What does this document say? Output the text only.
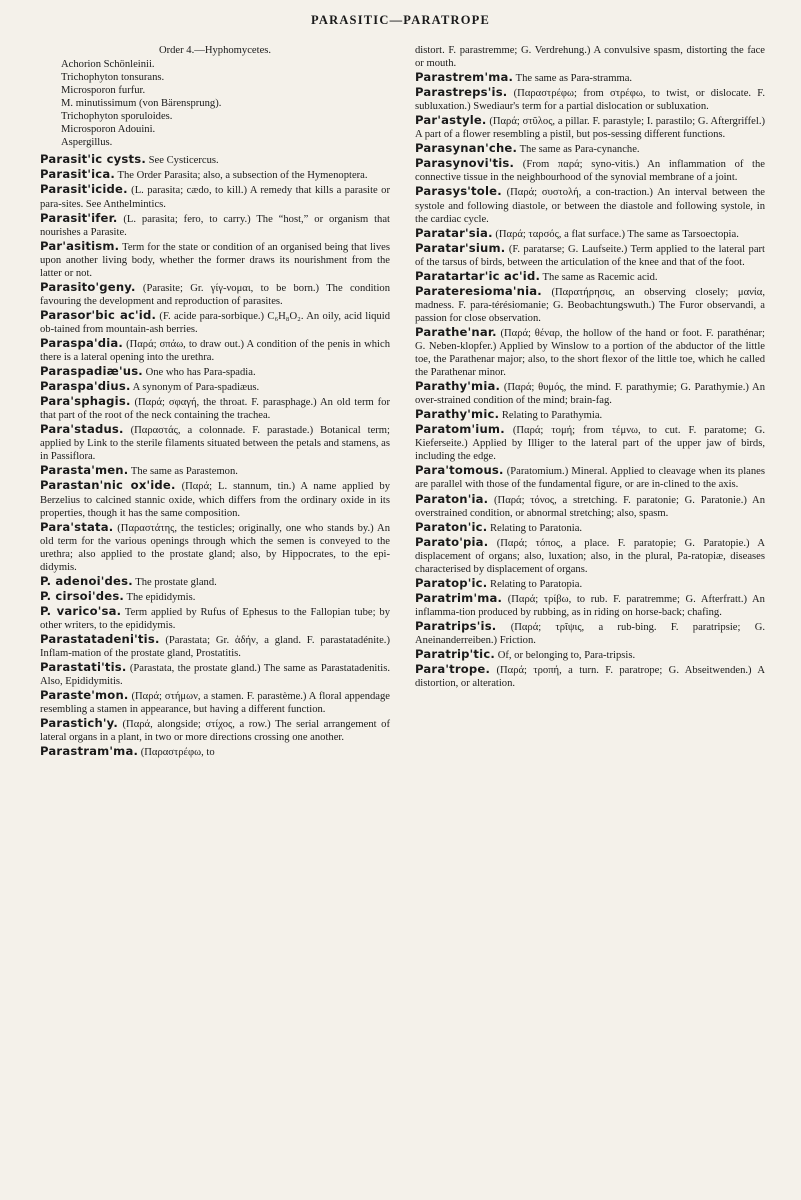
PARASITIC—PARATROPE
Order 4.—Hyphomycetes.
Achorion Schönleinii.
Trichophyton tonsurans.
Microsporon furfur.
M. minutissimum (von Bärensprung).
Trichophyton sporuloides.
Microsporon Adouini.
Aspergillus.

Parasit'ic cysts. See Cysticercus.

Parasit'ica. The Order Parasita; also, a subsection of the Hymenoptera.

Parasit'icide. (L. parasita; cædo, to kill.) A remedy that kills a parasite or para-sites. See Anthelmintics.

Parasit'ifer. (L. parasita; fero, to carry.) The “host,” or organism that nourishes a Parasite.

Par'asitism. Term for the state or condition of an organised being that lives upon another living body, whether the former draws its nourishment from the latter or not.

Parasito'geny. (Parasite; Gr. γίγ-νομαι, to be born.) The condition favouring the development and reproduction of parasites.

Parasor'bic ac'id. (F. acide para-sorbique.) C₆H₈O₂. An oily, acid liquid ob-tained from mountain-ash berries.

Paraspa'dia. (Παρά; σπάω, to draw out.) A condition of the penis in which there is a lateral opening into the urethra.

Paraspadiæ'us. One who has Para-spadia.

Paraspa'dius. A synonym of Para-spadiæus.

Para'sphagis. (Παρά; σφαγή, the throat. F. parasphage.) An old term for that part of the root of the neck containing the trachea.

Para'stadus. (Παραστάς, a colonnade. F. parastade.) Botanical term; applied by Link to the sterile filaments situated between the petals and stamens, as in Passiflora.

Parasta'men. The same as Parastemon.

Parastan'nic ox'ide. (Παρά; L. stannum, tin.) A name applied by Berzelius to calcined stannic oxide, which differs from the ordinary oxide in its properties, though it has the same composition.

Para'stata. (Παραστάτης, the testicles; originally, one who stands by.) An old term for the various openings through which the semen is conveyed to the urethra; also applied to the prostate gland; also, by Hippocrates, to the epi-didymis.

P. adenoi'des. The prostate gland.

P. cirsoi'des. The epididymis.

P. varico'sa. Term applied by Rufus of Ephesus to the Fallopian tube; by other writers, to the epididymis.

Parastatadeni'tis. (Parastata; Gr. ἀδήν, a gland. F. parastatadénite.) Inflam-mation of the prostate gland, Prostatitis.

Parastati'tis. (Parastata, the prostate gland.) The same as Parastatadenitis. Also, Epididymitis.

Paraste'mon. (Παρά; στήμων, a stamen. F. parastème.) A floral appendage resembling a stamen in appearance, but having a different function.

Parastich'y. (Παρά, alongside; στίχος, a row.) The serial arrangement of lateral organs in a plant, in two or more directions crossing one another.

Parastram'ma. (Παραστρέφω, to

distort. F. parastremme; G. Verdrehung.) A convulsive spasm, distorting the face or mouth.

Parastrem'ma. The same as Para-stramma.

Parastreps'is. (Παραστρέφω; from στρέφω, to twist, or dislocate. F. subluxation.) Swediaur's term for a partial dislocation or subluxation.

Par'astyle. (Παρά; στῦλος, a pillar. F. parastyle; I. parastilo; G. Aftergriffel.) A part of a flower resembling a pistil, but pos-sessing different functions.

Parasynan'che. The same as Para-cynanche.

Parasynovi'tis. (From παρά; syno-vitis.) An inflammation of the connective tissue in the neighbourhood of the synovial membrane of a joint.

Parasys'tole. (Παρά; συστολή, a con-traction.) An interval between the systole and following diastole, or between the diastole and following systole, in the cardiac cycle.

Paratar'sia. (Παρά; ταρσός, a flat surface.) The same as Tarsoectopia.

Paratar'sium. (F. paratarse; G. Laufseite.) Term applied to the lateral part of the tarsus of birds, between the articulation of the knee and that of the foot.

Paratartar'ic ac'id. The same as Racemic acid.

Parateresioma'nia. (Παρατήρησις, an observing closely; μανία, madness. F. para-térésiomanie; G. Beobachtungswuth.) The Furor observandi, a passion for close observation.

Parathe'nar. (Παρά; θέναρ, the hollow of the hand or foot. F. parathénar; G. Neben-klopfer.) Applied by Winslow to a portion of the abductor of the little toe, the Parathenar major; also, to the short flexor of the little toe, which he called the Parathenar minor.

Parathy'mia. (Παρά; θυμός, the mind. F. parathymie; G. Parathymie.) An over-strained condition of the mind; brain-fag.

Parathy'mic. Relating to Parathymia.

Paratom'ium. (Παρά; τομή; from τέμνω, to cut. F. paratome; G. Kieferseite.) Applied by Illiger to the lateral part of the upper jaw of birds, including the edge.

Para'tomous. (Paratomium.) Mineral. Applied to cleavage when its planes are parallel with those of the fundamental figure, or are in-clined to the axis.

Paraton'ia. (Παρά; τόνος, a stretching. F. paratonie; G. Paratonie.) An overstrained condition, or abnormal stretching; also, spasm.

Paraton'ic. Relating to Paratonia.

Parato'pia. (Παρά; τόπος, a place. F. paratopie; G. Paratopie.) A displacement of organs; also, luxation; also, in the plural, Pa-ratopiæ, diseases characterised by displacement of organs.

Paratop'ic. Relating to Paratopia.

Paratrim'ma. (Παρά; τρίβω, to rub. F. paratremme; G. Afterfratt.) An inflamma-tion produced by rubbing, as in riding on horse-back; chafing.

Paratrips'is. (Παρά; τρῖψις, a rub-bing. F. paratripsie; G. Aneinanderreiben.) Friction.

Paratrip'tic. Of, or belonging to, Para-tripsis.

Para'trope. (Παρά; τροπή, a turn. F. paratrope; G. Abseitwenden.) A distortion, or alteration.
